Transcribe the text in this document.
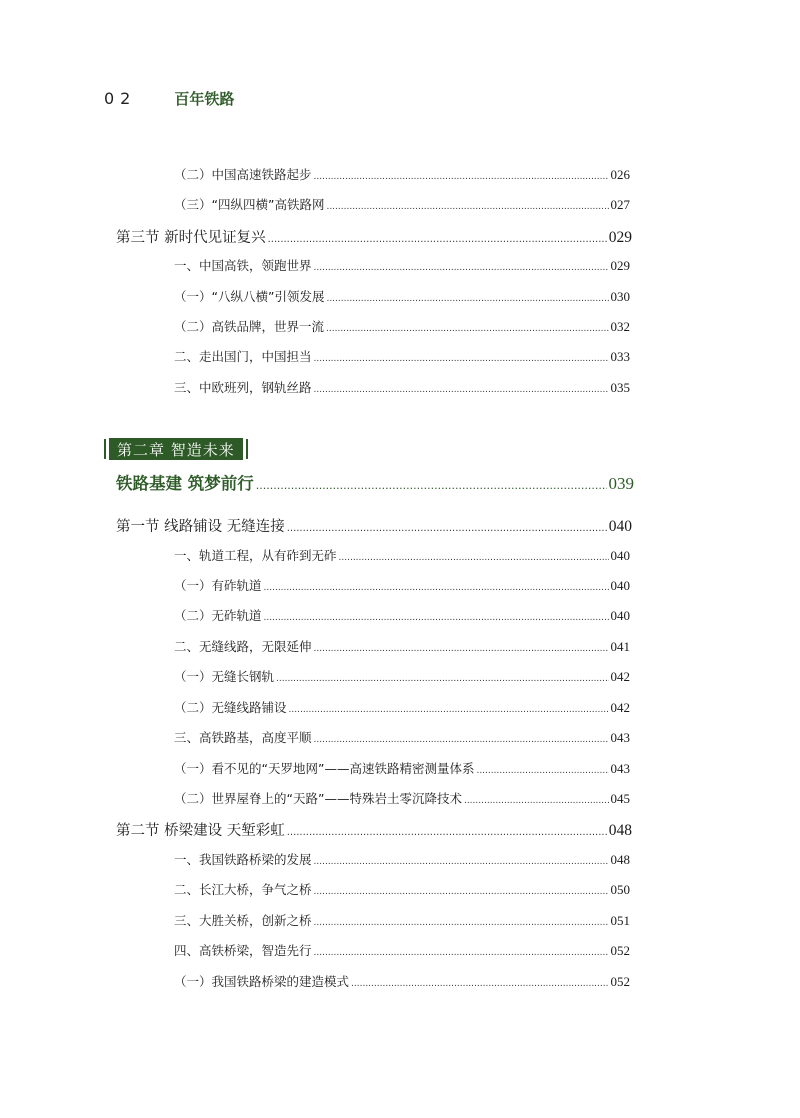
02	百年铁路
（二）中国高速铁路起步 .....	026
（三）“四纵四横”高铁路网 .....	027
第三节 新时代见证复兴 .....	029
一、中国高铁，领跑世界 .....	029
（一）“八纵八横”引领发展 .....	030
（二）高铁品牌，世界一流 .....	032
二、走出国门，中国担当 .....	033
三、中欧班列，钢轨丝路 .....	035
第二章 智造未来
铁路基建 筑梦前行 .....	039
第一节 线路铺设 无缝连接 .....	040
一、轨道工程，从有砟到无砟 .....	040
（一）有砟轨道 .....	040
（二）无砟轨道 .....	040
二、无缝线路，无限延伸 .....	041
（一）无缝长钢轨 .....	042
（二）无缝线路铺设 .....	042
三、高铁路基，高度平顺 .....	043
（一）看不见的“天罗地网”——高速铁路精密测量体系 .....	043
（二）世界屋脊上的“天路”——特殊岩土零沉降技术 .....	045
第二节 桥梁建设 天堑彩虹 .....	048
一、我国铁路桥梁的发展 .....	048
二、长江大桥，争气之桥 .....	050
三、大胜关桥，创新之桥 .....	051
四、高铁桥梁，智造先行 .....	052
（一）我国铁路桥梁的建造模式 .....	052
